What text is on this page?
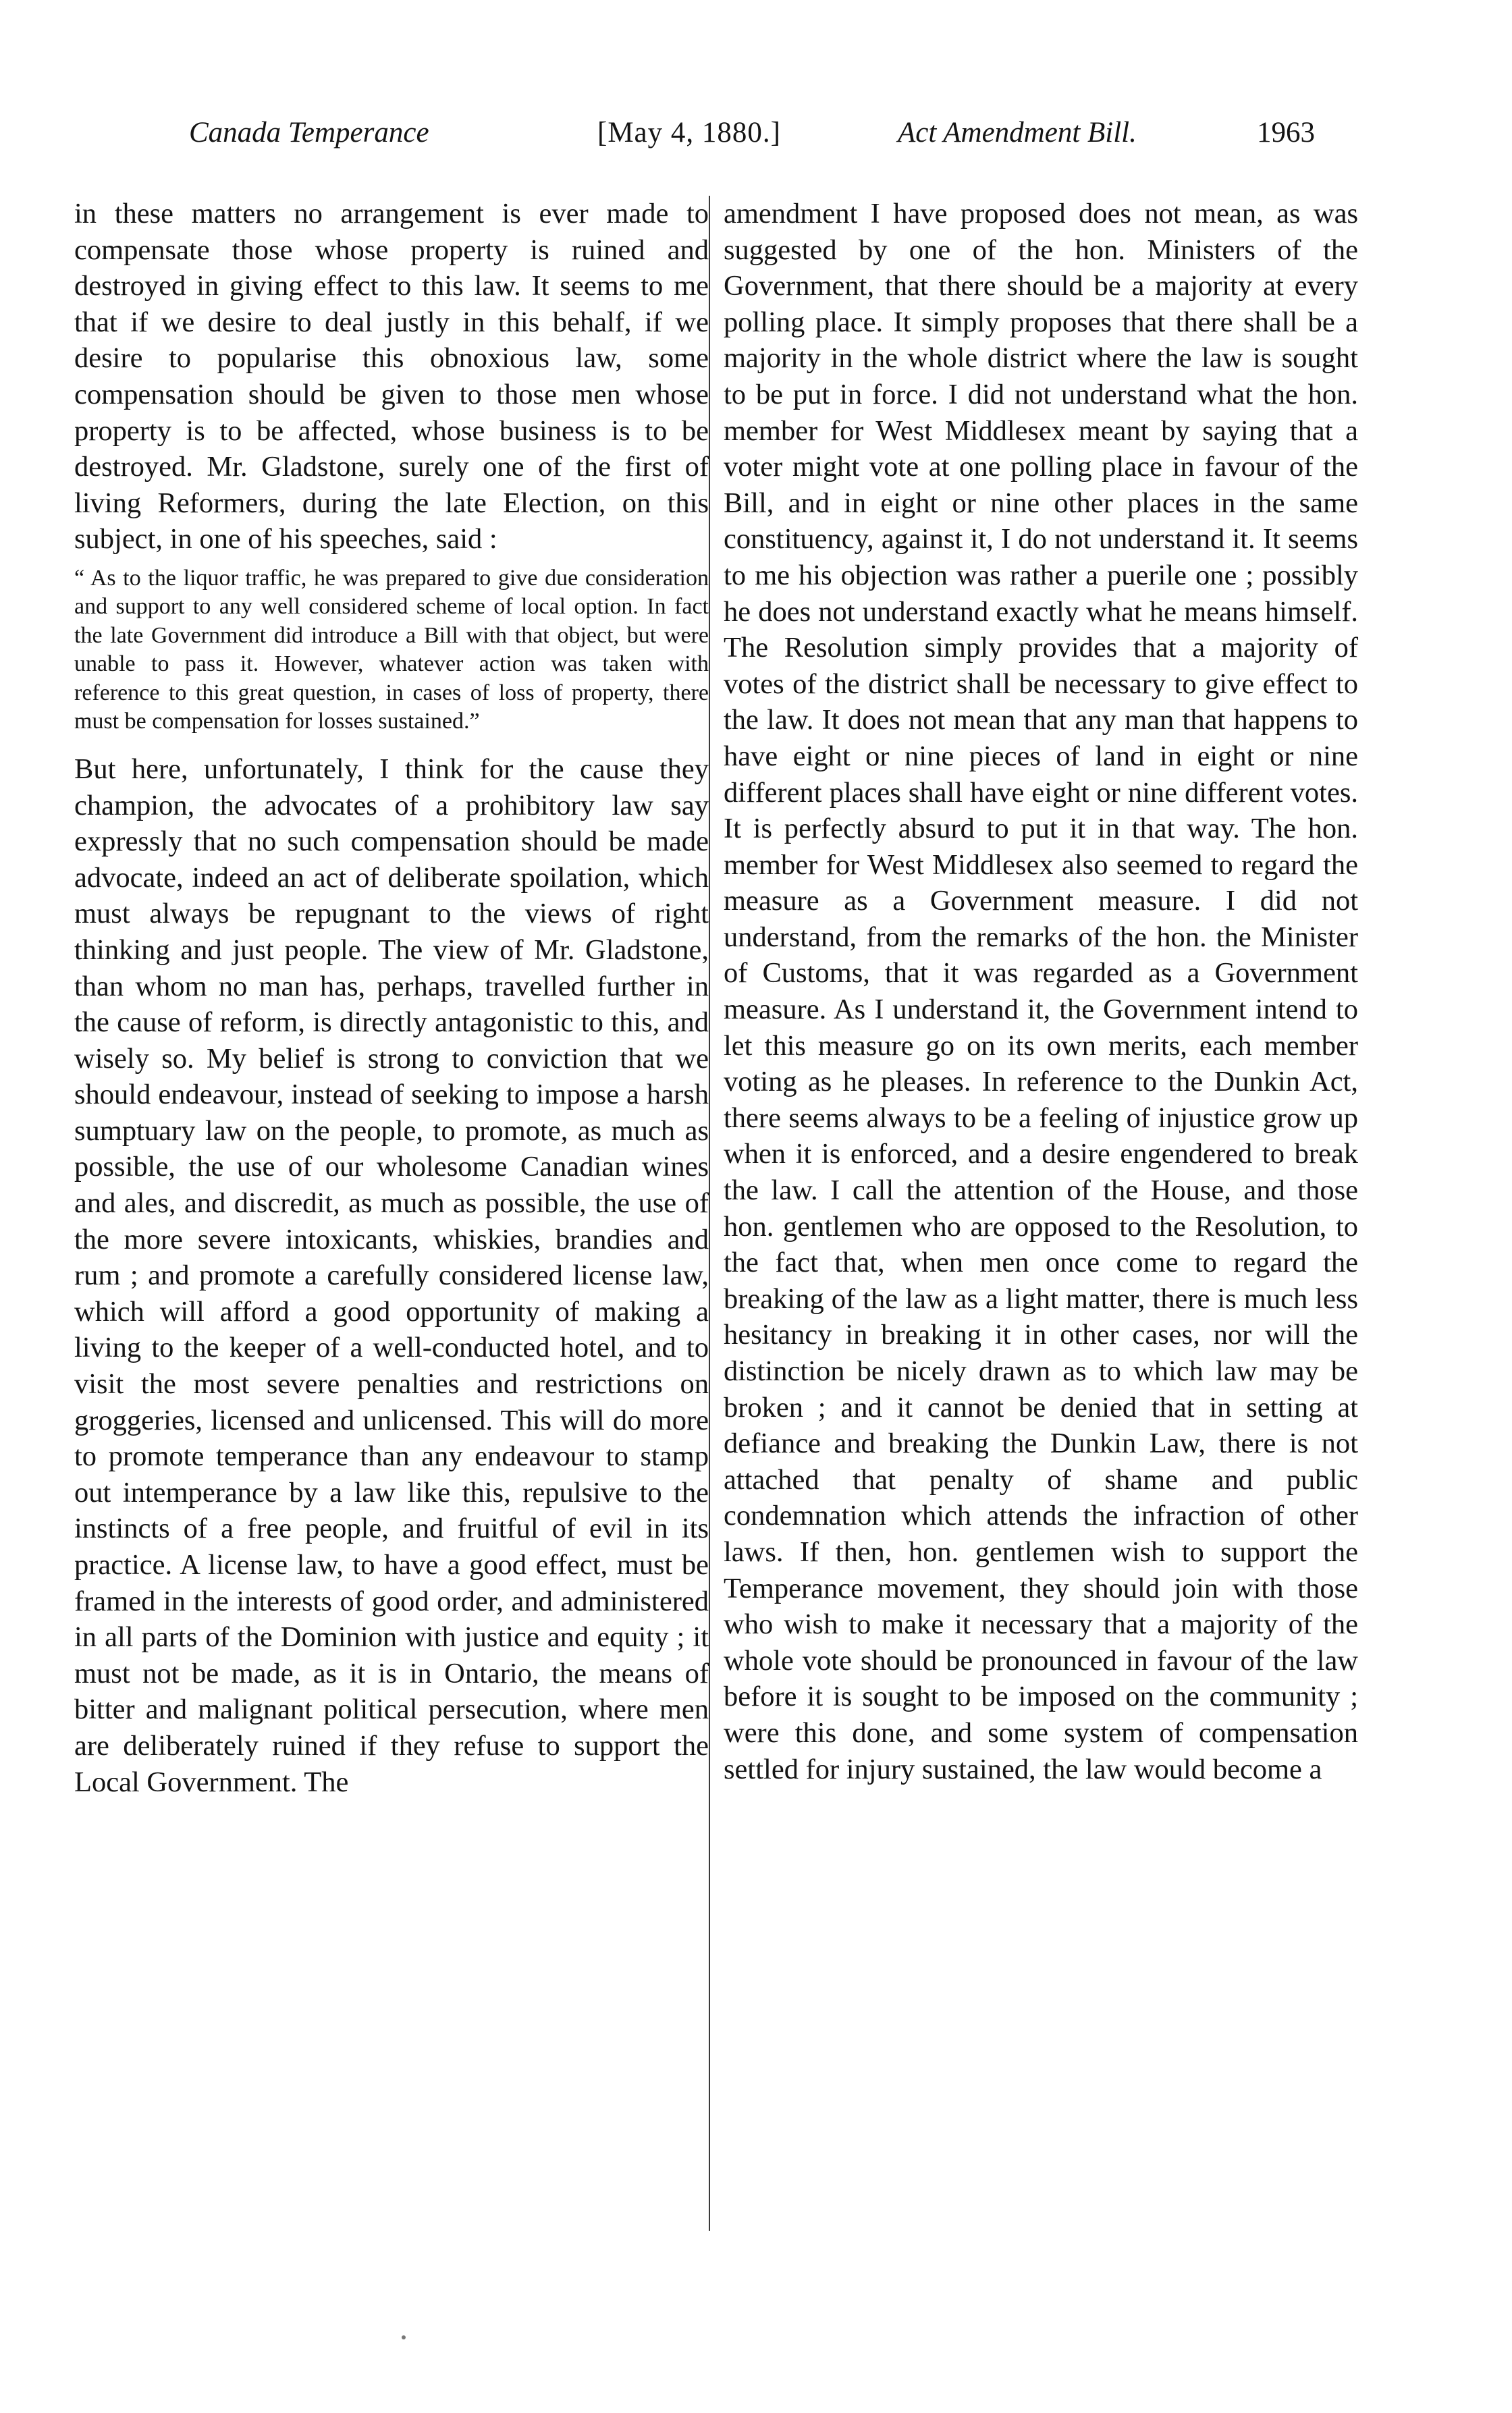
Canada Temperance	[May 4, 1880.]	Act Amendment Bill.	1963

in these matters no arrangement is ever made to compensate those whose property is ruined and destroyed in giving effect to this law. It seems to me that if we desire to deal justly in this behalf, if we desire to popularise this obnoxious law, some compensation should be given to those men whose property is to be affected, whose business is to be destroyed. Mr. Gladstone, surely one of the first of living Reformers, during the late Election, on this subject, in one of his speeches, said :

“ As to the liquor traffic, he was prepared to give due consideration and support to any well considered scheme of local option. In fact the late Government did introduce a Bill with that object, but were unable to pass it. However, whatever action was taken with reference to this great question, in cases of loss of property, there must be compensation for losses sustained.”

But here, unfortunately, I think for the cause they champion, the advocates of a prohibitory law say expressly that no such compensation should be made advocate, indeed an act of deliberate spoilation, which must always be repugnant to the views of right thinking and just people. The view of Mr. Gladstone, than whom no man has, perhaps, travelled further in the cause of reform, is directly antagonistic to this, and wisely so. My belief is strong to conviction that we should endeavour, instead of seeking to impose a harsh sumptuary law on the people, to promote, as much as possible, the use of our wholesome Canadian wines and ales, and discredit, as much as possible, the use of the more severe intoxicants, whiskies, brandies and rum ; and promote a carefully considered license law, which will afford a good opportunity of making a living to the keeper of a well-conducted hotel, and to visit the most severe penalties and restrictions on groggeries, licensed and unlicensed. This will do more to promote temperance than any endeavour to stamp out intemperance by a law like this, repulsive to the instincts of a free people, and fruitful of evil in its practice. A license law, to have a good effect, must be framed in the interests of good order, and administered in all parts of the Dominion with justice and equity ; it must not be made, as it is in Ontario, the means of bitter and malignant political persecution, where men are deliberately ruined if they refuse to support the Local Government. The

amendment I have proposed does not mean, as was suggested by one of the hon. Ministers of the Government, that there should be a majority at every polling place. It simply proposes that there shall be a majority in the whole district where the law is sought to be put in force. I did not understand what the hon. member for West Middlesex meant by saying that a voter might vote at one polling place in favour of the Bill, and in eight or nine other places in the same constituency, against it, I do not understand it. It seems to me his objection was rather a puerile one ; possibly he does not understand exactly what he means himself. The Resolution simply provides that a majority of votes of the district shall be necessary to give effect to the law. It does not mean that any man that happens to have eight or nine pieces of land in eight or nine different places shall have eight or nine different votes. It is perfectly absurd to put it in that way. The hon. member for West Middlesex also seemed to regard the measure as a Government measure. I did not understand, from the remarks of the hon. the Minister of Customs, that it was regarded as a Government measure. As I understand it, the Government intend to let this measure go on its own merits, each member voting as he pleases. In reference to the Dunkin Act, there seems always to be a feeling of injustice grow up when it is enforced, and a desire engendered to break the law. I call the attention of the House, and those hon. gentlemen who are opposed to the Resolution, to the fact that, when men once come to regard the breaking of the law as a light matter, there is much less hesitancy in breaking it in other cases, nor will the distinction be nicely drawn as to which law may be broken ; and it cannot be denied that in setting at defiance and breaking the Dunkin Law, there is not attached that penalty of shame and public condemnation which attends the infraction of other laws. If then, hon. gentlemen wish to support the Temperance movement, they should join with those who wish to make it necessary that a majority of the whole vote should be pronounced in favour of the law before it is sought to be imposed on the community ; were this done, and some system of compensation settled for injury sustained, the law would become a
